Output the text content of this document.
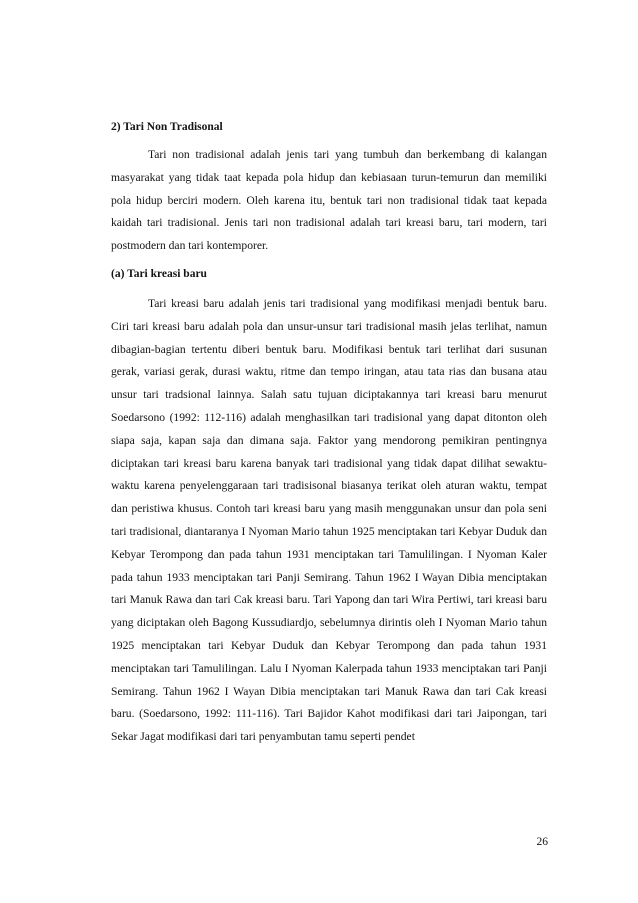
2) Tari Non Tradisonal

Tari non tradisional adalah jenis tari yang tumbuh dan berkembang di kalangan masyarakat yang tidak taat kepada pola hidup dan kebiasaan turun-temurun dan memiliki pola hidup berciri modern. Oleh karena itu, bentuk tari non tradisional tidak taat kepada kaidah tari tradisional. Jenis tari non tradisional adalah tari kreasi baru, tari modern, tari postmodern dan tari kontemporer.

(a) Tari kreasi baru

Tari kreasi baru adalah jenis tari tradisional yang modifikasi menjadi bentuk baru. Ciri tari kreasi baru adalah pola dan unsur-unsur tari tradisional masih jelas terlihat, namun dibagian-bagian tertentu diberi bentuk baru. Modifikasi bentuk tari terlihat dari susunan gerak, variasi gerak, durasi waktu, ritme dan tempo iringan, atau tata rias dan busana atau unsur tari tradsional lainnya. Salah satu tujuan diciptakannya tari kreasi baru menurut Soedarsono (1992: 112-116) adalah menghasilkan tari tradisional yang dapat ditonton oleh siapa saja, kapan saja dan dimana saja. Faktor yang mendorong pemikiran pentingnya diciptakan tari kreasi baru karena banyak tari tradisional yang tidak dapat dilihat sewaktu-waktu karena penyelenggaraan tari tradisisonal biasanya terikat oleh aturan waktu, tempat dan peristiwa khusus. Contoh tari kreasi baru yang masih menggunakan unsur dan pola seni tari tradisional, diantaranya I Nyoman Mario tahun 1925 menciptakan tari Kebyar Duduk dan Kebyar Terompong dan pada tahun 1931 menciptakan tari Tamulilingan. I Nyoman Kaler pada tahun 1933 menciptakan tari Panji Semirang. Tahun 1962 I Wayan Dibia menciptakan tari Manuk Rawa dan tari Cak kreasi baru. Tari Yapong dan tari Wira Pertiwi, tari kreasi baru yang diciptakan oleh Bagong Kussudiardjo, sebelumnya dirintis oleh I Nyoman Mario tahun 1925 menciptakan tari Kebyar Duduk dan Kebyar Terompong dan pada tahun 1931 menciptakan tari Tamulilingan. Lalu I Nyoman Kalerpada tahun 1933 menciptakan tari Panji Semirang. Tahun 1962 I Wayan Dibia menciptakan tari Manuk Rawa dan tari Cak kreasi baru. (Soedarsono, 1992: 111-116). Tari Bajidor Kahot modifikasi dari tari Jaipongan, tari Sekar Jagat modifikasi dari tari penyambutan tamu seperti pendet

26
